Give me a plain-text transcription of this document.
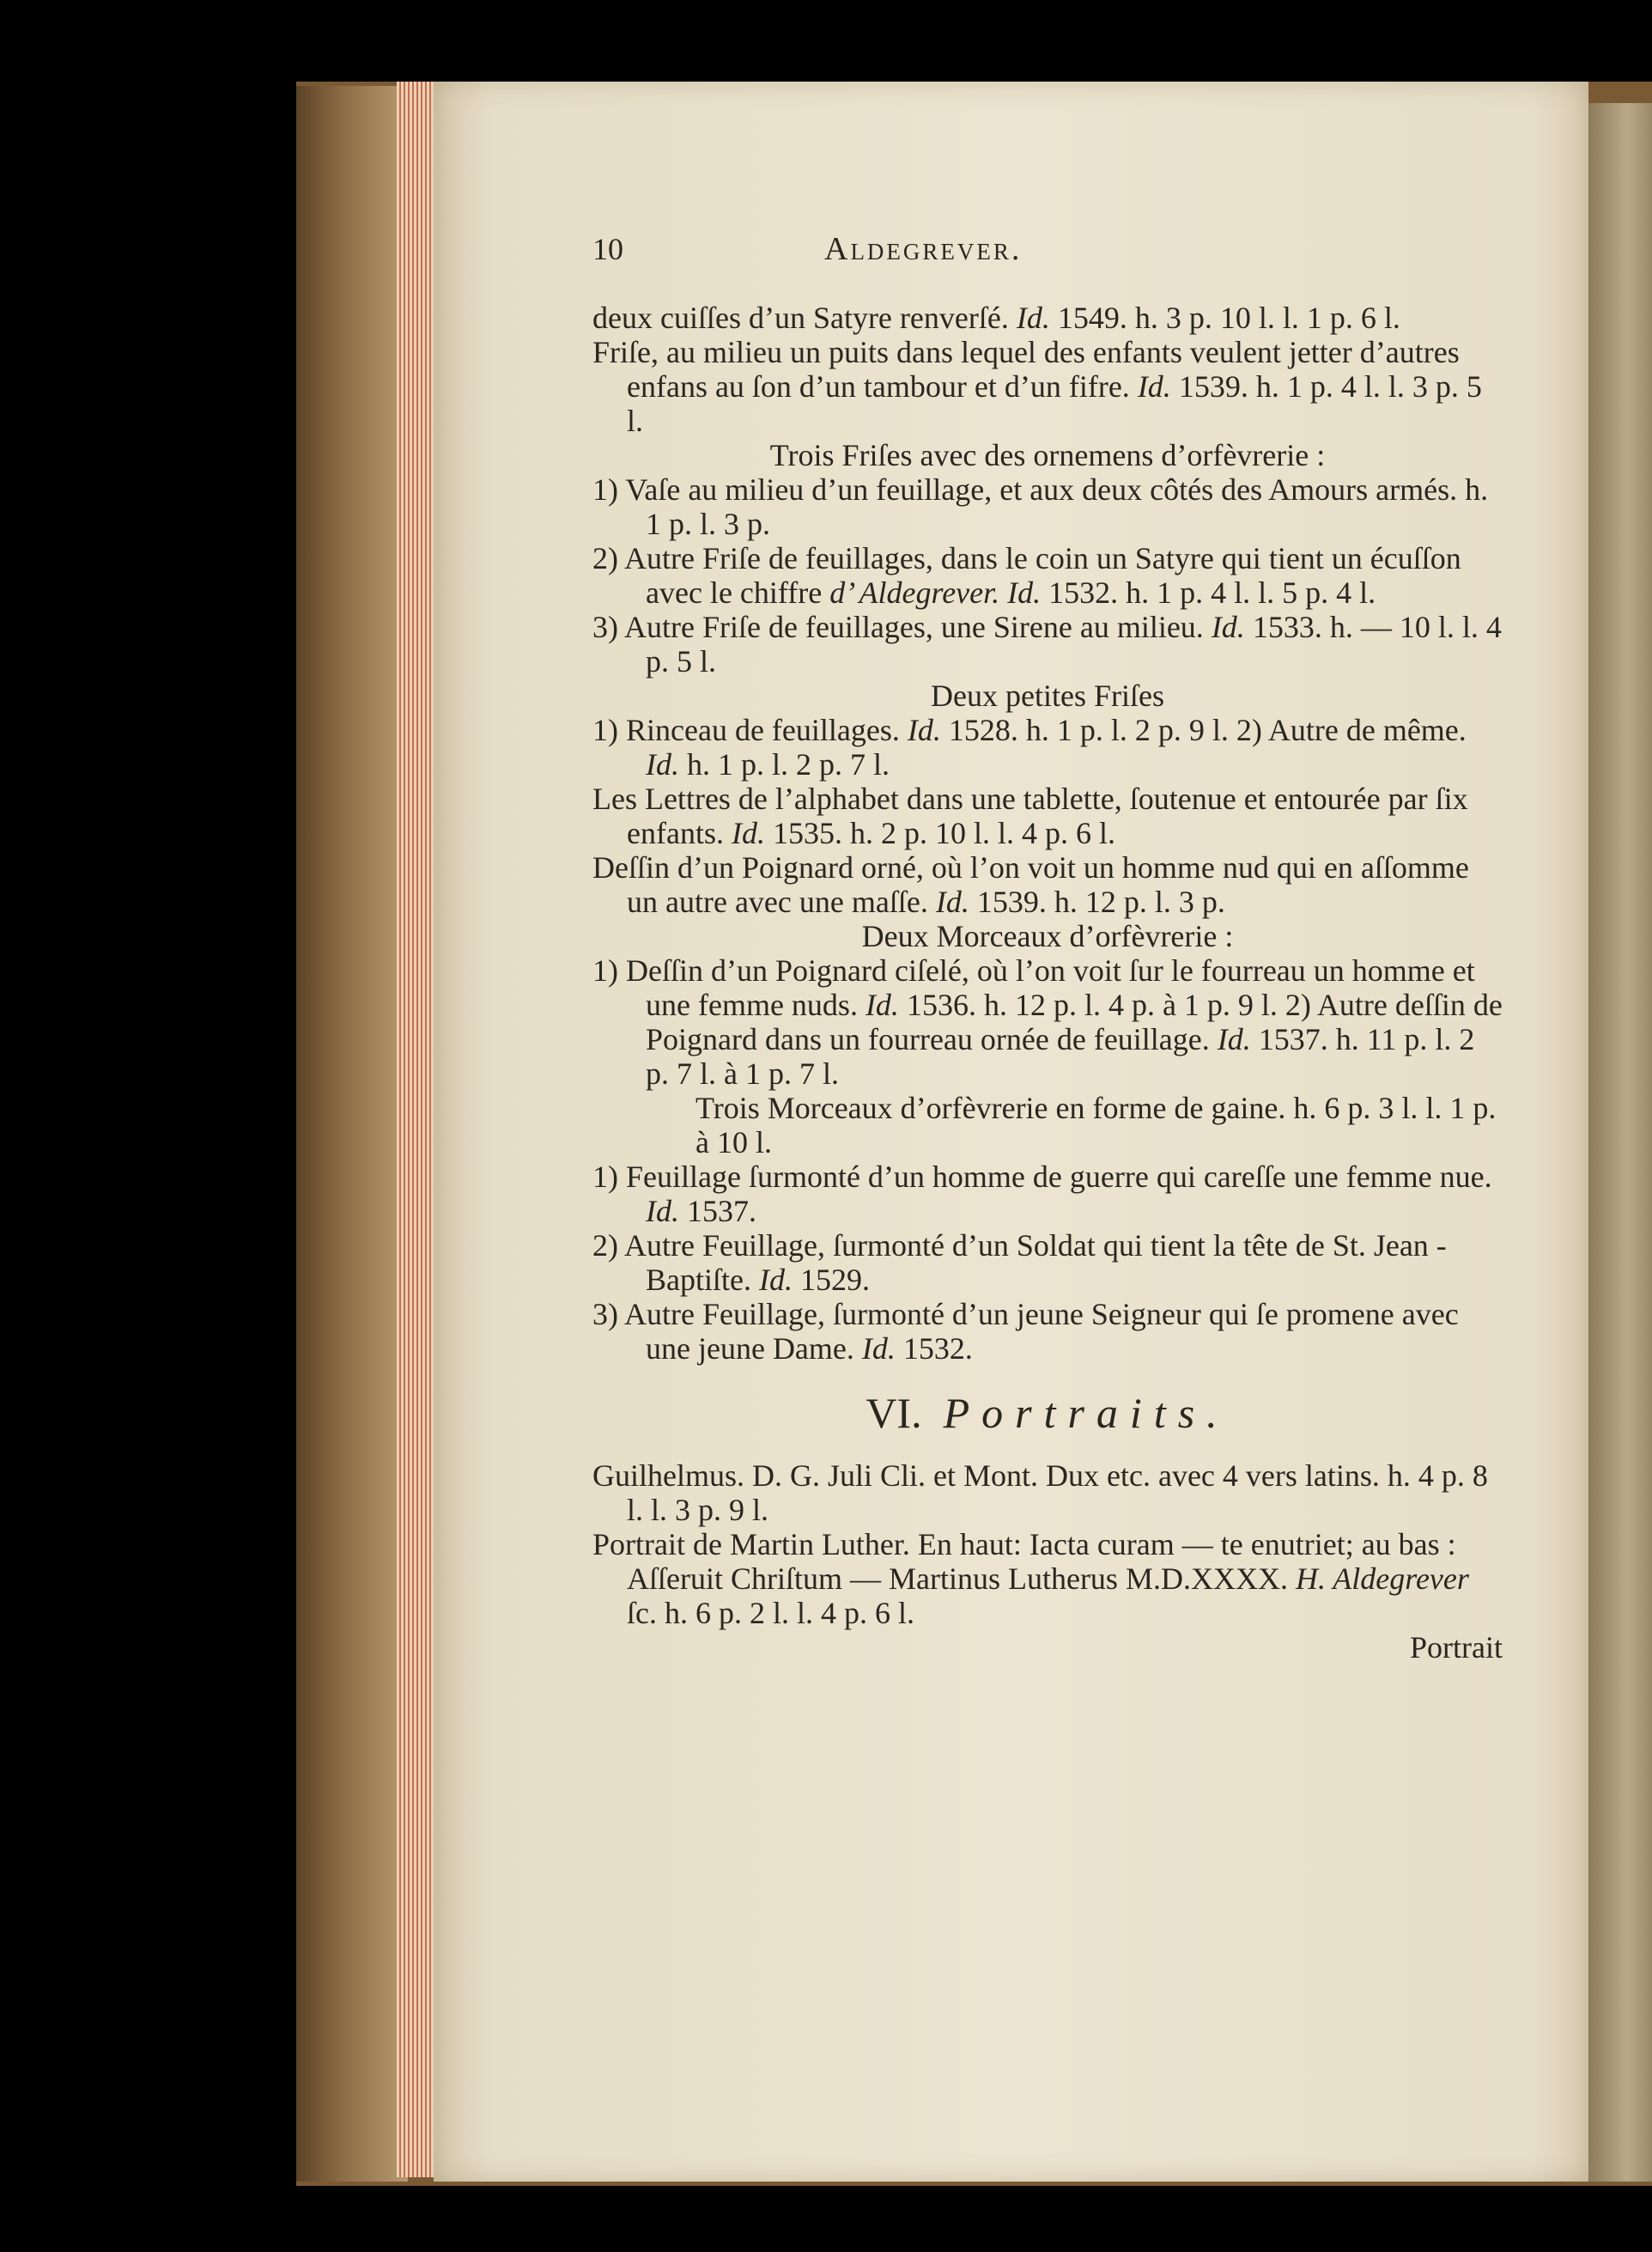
10	Aldegrever.

deux cuiſſes d’un Satyre renverſé. Id. 1549. h. 3 p. 10 l. l. 1 p. 6 l.

Friſe, au milieu un puits dans lequel des enfants veulent jetter d’autres enfans au ſon d’un tambour et d’un fifre. Id. 1539. h. 1 p. 4 l. l. 3 p. 5 l.

Trois Friſes avec des ornemens d’orfèvrerie :

1) Vaſe au milieu d’un feuillage, et aux deux côtés des Amours armés. h. 1 p. l. 3 p.

2) Autre Friſe de feuillages, dans le coin un Satyre qui tient un écuſſon avec le chiffre d’ Aldegrever. Id. 1532. h. 1 p. 4 l. l. 5 p. 4 l.

3) Autre Friſe de feuillages, une Sirene au milieu. Id. 1533. h. — 10 l. l. 4 p. 5 l.

Deux petites Friſes

1) Rinceau de feuillages. Id. 1528. h. 1 p. l. 2 p. 9 l. 2) Autre de même. Id. h. 1 p. l. 2 p. 7 l.

Les Lettres de l’alphabet dans une tablette, ſoutenue et entourée par ſix enfants. Id. 1535. h. 2 p. 10 l. l. 4 p. 6 l.

Deſſin d’un Poignard orné, où l’on voit un homme nud qui en aſſomme un autre avec une maſſe. Id. 1539. h. 12 p. l. 3 p.

Deux Morceaux d’orfèvrerie :

1) Deſſin d’un Poignard ciſelé, où l’on voit ſur le fourreau un homme et une femme nuds. Id. 1536. h. 12 p. l. 4 p. à 1 p. 9 l. 2) Autre deſſin de Poignard dans un fourreau ornée de feuillage. Id. 1537. h. 11 p. l. 2 p. 7 l. à 1 p. 7 l.

Trois Morceaux d’orfèvrerie en forme de gaine. h. 6 p. 3 l. l. 1 p. à 10 l.

1) Feuillage ſurmonté d’un homme de guerre qui careſſe une femme nue. Id. 1537.

2) Autre Feuillage, ſurmonté d’un Soldat qui tient la tête de St. Jean - Baptiſte. Id. 1529.

3) Autre Feuillage, ſurmonté d’un jeune Seigneur qui ſe promene avec une jeune Dame. Id. 1532.

VI. Portraits.

Guilhelmus. D. G. Juli Cli. et Mont. Dux etc. avec 4 vers latins. h. 4 p. 8 l. l. 3 p. 9 l.

Portrait de Martin Luther. En haut: Iacta curam — te enutriet; au bas : Aſſeruit Chriſtum — Martinus Lutherus M.D.XXXX. H. Aldegrever ſc. h. 6 p. 2 l. l. 4 p. 6 l.

Portrait
